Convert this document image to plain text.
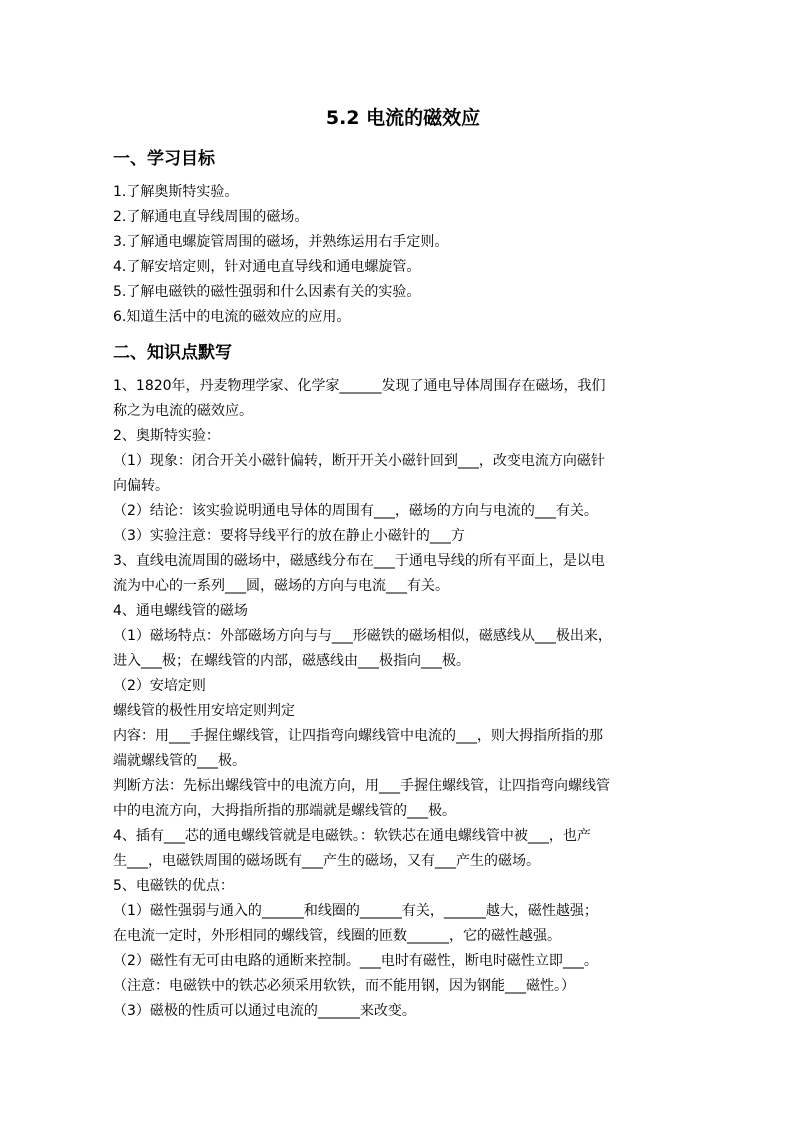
5.2 电流的磁效应
一、学习目标
1.了解奥斯特实验。
2.了解通电直导线周围的磁场。
3.了解通电螺旋管周围的磁场，并熟练运用右手定则。
4.了解安培定则，针对通电直导线和通电螺旋管。
5.了解电磁铁的磁性强弱和什么因素有关的实验。
6.知道生活中的电流的磁效应的应用。
二、知识点默写
1、1820年，丹麦物理学家、化学家______发现了通电导体周围存在磁场，我们
称之为电流的磁效应。
2、奥斯特实验：
（1）现象：闭合开关小磁针偏转，断开开关小磁针回到___，改变电流方向磁针
向偏转。
（2）结论：该实验说明通电导体的周围有___，磁场的方向与电流的___有关。
（3）实验注意：要将导线平行的放在静止小磁针的___方
3、直线电流周围的磁场中，磁感线分布在___于通电导线的所有平面上，是以电
流为中心的一系列___圆，磁场的方向与电流___有关。
4、通电螺线管的磁场
（1）磁场特点：外部磁场方向与与___形磁铁的磁场相似，磁感线从___极出来，
进入___极；在螺线管的内部，磁感线由___极指向___极。
（2）安培定则
螺线管的极性用安培定则判定
内容：用___手握住螺线管，让四指弯向螺线管中电流的___，则大拇指所指的那
端就螺线管的___极。
判断方法：先标出螺线管中的电流方向，用___手握住螺线管，让四指弯向螺线管
中的电流方向，大拇指所指的那端就是螺线管的___极。
4、插有___芯的通电螺线管就是电磁铁。：软铁芯在通电螺线管中被___，也产
生___，电磁铁周围的磁场既有___产生的磁场，又有___产生的磁场。
5、电磁铁的优点：
（1）磁性强弱与通入的______和线圈的______有关，______越大，磁性越强；
在电流一定时，外形相同的螺线管，线圈的匝数______，它的磁性越强。
（2）磁性有无可由电路的通断来控制。___电时有磁性，断电时磁性立即___。
（注意：电磁铁中的铁芯必须采用软铁，而不能用钢，因为钢能___磁性。）
（3）磁极的性质可以通过电流的______来改变。
